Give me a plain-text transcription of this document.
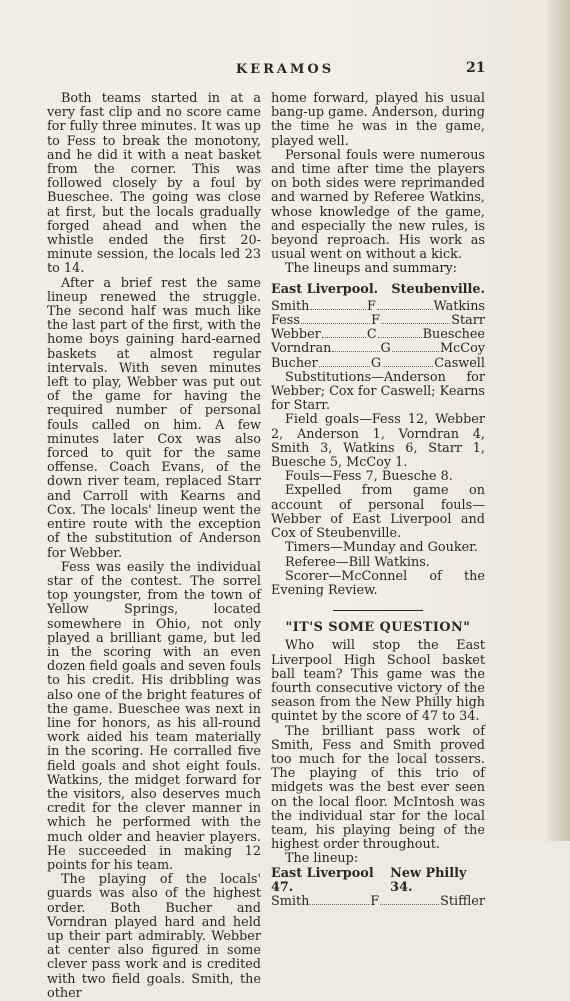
KERAMOS	21

Both teams started in at a very fast clip and no score came for fully three minutes. It was up to Fess to break the monotony, and he did it with a neat basket from the corner. This was followed closely by a foul by Bueschee. The going was close at first, but the locals gradually forged ahead and when the whistle ended the first 20-minute session, the locals led 23 to 14.

After a brief rest the same lineup renewed the struggle. The second half was much like the last part of the first, with the home boys gaining hard-earned baskets at almost regular intervals. With seven minutes left to play, Webber was put out of the game for having the required number of personal fouls called on him. A few minutes later Cox was also forced to quit for the same offense. Coach Evans, of the down river team, replaced Starr and Carroll with Kearns and Cox. The locals' lineup went the entire route with the exception of the substitution of Anderson for Webber.

Fess was easily the individual star of the contest. The sorrel top youngster, from the town of Yellow Springs, located somewhere in Ohio, not only played a brilliant game, but led in the scoring with an even dozen field goals and seven fouls to his credit. His dribbling was also one of the bright features of the game. Bueschee was next in line for honors, as his all-round work aided his team materially in the scoring. He corralled five field goals and shot eight fouls. Watkins, the midget forward for the visitors, also deserves much credit for the clever manner in which he performed with the much older and heavier players. He succeeded in making 12 points for his team.

The playing of the locals' guards was also of the highest order. Both Bucher and Vorndran played hard and held up their part admirably. Webber at center also figured in some clever pass work and is credited with two field goals. Smith, the other

home forward, played his usual bang-up game. Anderson, during the time he was in the game, played well.

Personal fouls were numerous and time after time the players on both sides were reprimanded and warned by Referee Watkins, whose knowledge of the game, and especially the new rules, is beyond reproach. His work as usual went on without a kick.

The lineups and summary:

East Liverpool. Steubenville.
Smith	F	Watkins
Fess	F	Starr
Webber	C	Bueschee
Vorndran	G	McCoy
Bucher	G	Caswell

Substitutions—Anderson for Webber; Cox for Caswell; Kearns for Starr.

Field goals—Fess 12, Webber 2, Anderson 1, Vorndran 4, Smith 3, Watkins 6, Starr 1, Buesche 5, McCoy 1.

Fouls—Fess 7, Buesche 8.

Expelled from game on account of personal fouls—Webber of East Liverpool and Cox of Steubenville.

Timers—Munday and Gouker.

Referee—Bill Watkins.

Scorer—McConnel of the Evening Review.

"IT'S SOME QUESTION"

Who will stop the East Liverpool High School basket ball team? This game was the fourth consecutive victory of the season from the New Philly high quintet by the score of 47 to 34.

The brilliant pass work of Smith, Fess and Smith proved too much for the local tossers. The playing of this trio of midgets was the best ever seen on the local floor. McIntosh was the individual star for the local team, his playing being of the highest order throughout.

The lineup:

East Liverpool 47.
New Philly 34.
Smith	F	Stiffler
